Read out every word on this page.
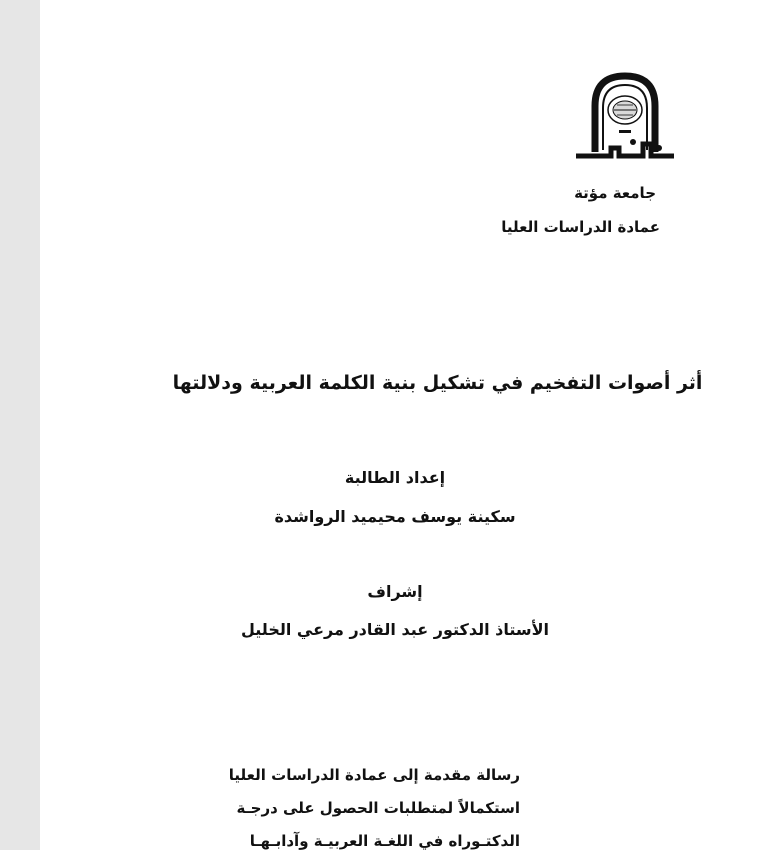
جامعة مؤتة
عمادة الدراسات العليا
أثر أصوات التفخيم في تشكيل بنية الكلمة العربية ودلالتها
إعداد الطالبة
سكينة يوسف محيميد الرواشدة
إشراف
الأستاذ الدكتور عبد القادر مرعي الخليل
رسالة مقدمة إلى عمادة الدراسات العليا
استكمالاً لمتطلبات الحصول على درجـة
الدكتـوراه في اللغـة العربيـة وآدابـهـا
